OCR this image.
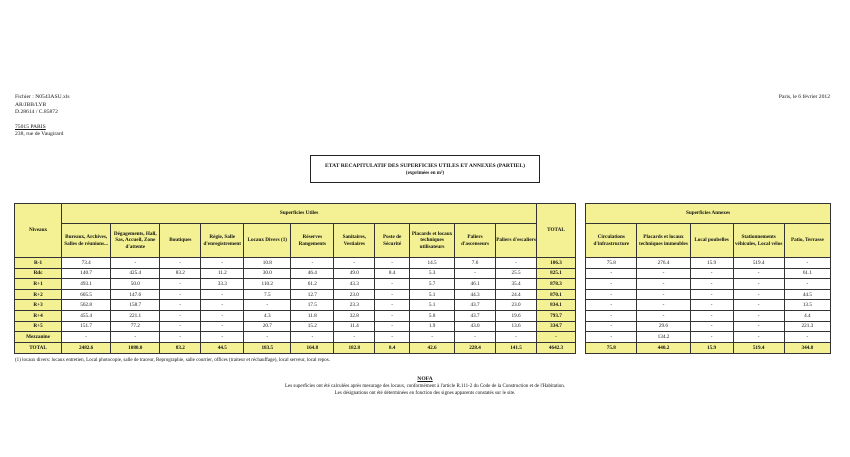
Fichier : N0543ASU.xls
AR/JBB/LYB
D.28614 / C.85872
75015 PARIS
238, rue de Vaugirard
Paris, le 6 février 2012
ETAT RECAPITULATIF DES SUPERFICIES UTILES ET ANNEXES (PARTIEL)
(exprimées en m²)
Niveaux	Superficies Utiles											TOTAL		Superficies Annexes				
	Bureaux, Archives, Salles de réunions...	Dégagements, Hall, Sas, Accueil, Zone d'attente	Boutiques	Régie, Salle d'enregistrement	Locaux Divers (1)	Réserves Rangements	Sanitaires, Vestiaires	Poste de Sécurité	Placards et locaux techniques utilisateurs	Paliers d'ascenseurs	Paliers d'escaliers			Circulations d'infrastructure	Placards et locaux techniques immeubles	Local poubelles	Stationnements véhicules, Local vélos	Patio, Terrasse
R-1	73.4	-	-	-	10.8	-	-	-	14.5	7.6	-	106.3		75.8	276.4	15.9	519.4	-
Rdc	140.7	425.4	83.2	11.2	30.0	46.4	49.0	8.4	5.3	-	25.5	825.1		-	-	-	-	61.1
R+1	493.1	50.0	-	33.3	110.2	61.2	43.3	-	5.7	46.1	35.4	878.3		-	-	-	-	-
R+2	605.5	147.6	-	-	7.5	12.7	23.0	-	5.1	44.3	24.4	870.1		-	-	-	-	44.5
R+3	562.8	158.7	-	-	-	17.5	23.3	-	5.1	43.7	23.0	834.1		-	-	-	-	13.5
R+4	455.4	221.1	-	-	4.3	11.8	32.8	-	5.0	43.7	19.6	793.7		-	-	-	-	4.4
R+5	151.7	77.2	-	-	20.7	15.2	11.4	-	1.9	43.0	13.6	334.7		-	29.6	-	-	221.3
Mezzanine	-	-	-	-	-	-	-	-	-	-	-	-		-	134.2	-	-	-
TOTAL	2482.6	1080.0	83.2	44.5	183.5	164.8	182.8	8.4	42.6	228.4	141.5	4642.3		75.8	440.2	15.9	519.4	344.8
(1) locaux divers: locaux entretien, Local photocopie, salle de traceur, Reprographie, salle courrier, offices (traiteur et réchauffage), local serveur, local repos.
NOFA
Les superficies ont été calculées après mesurage des locaux, conformément à l'article R.111-2 du Code de la Construction et de l'Habitation.
Les désignations ont été déterminées en fonction des signes apparents constatés sur le site.
